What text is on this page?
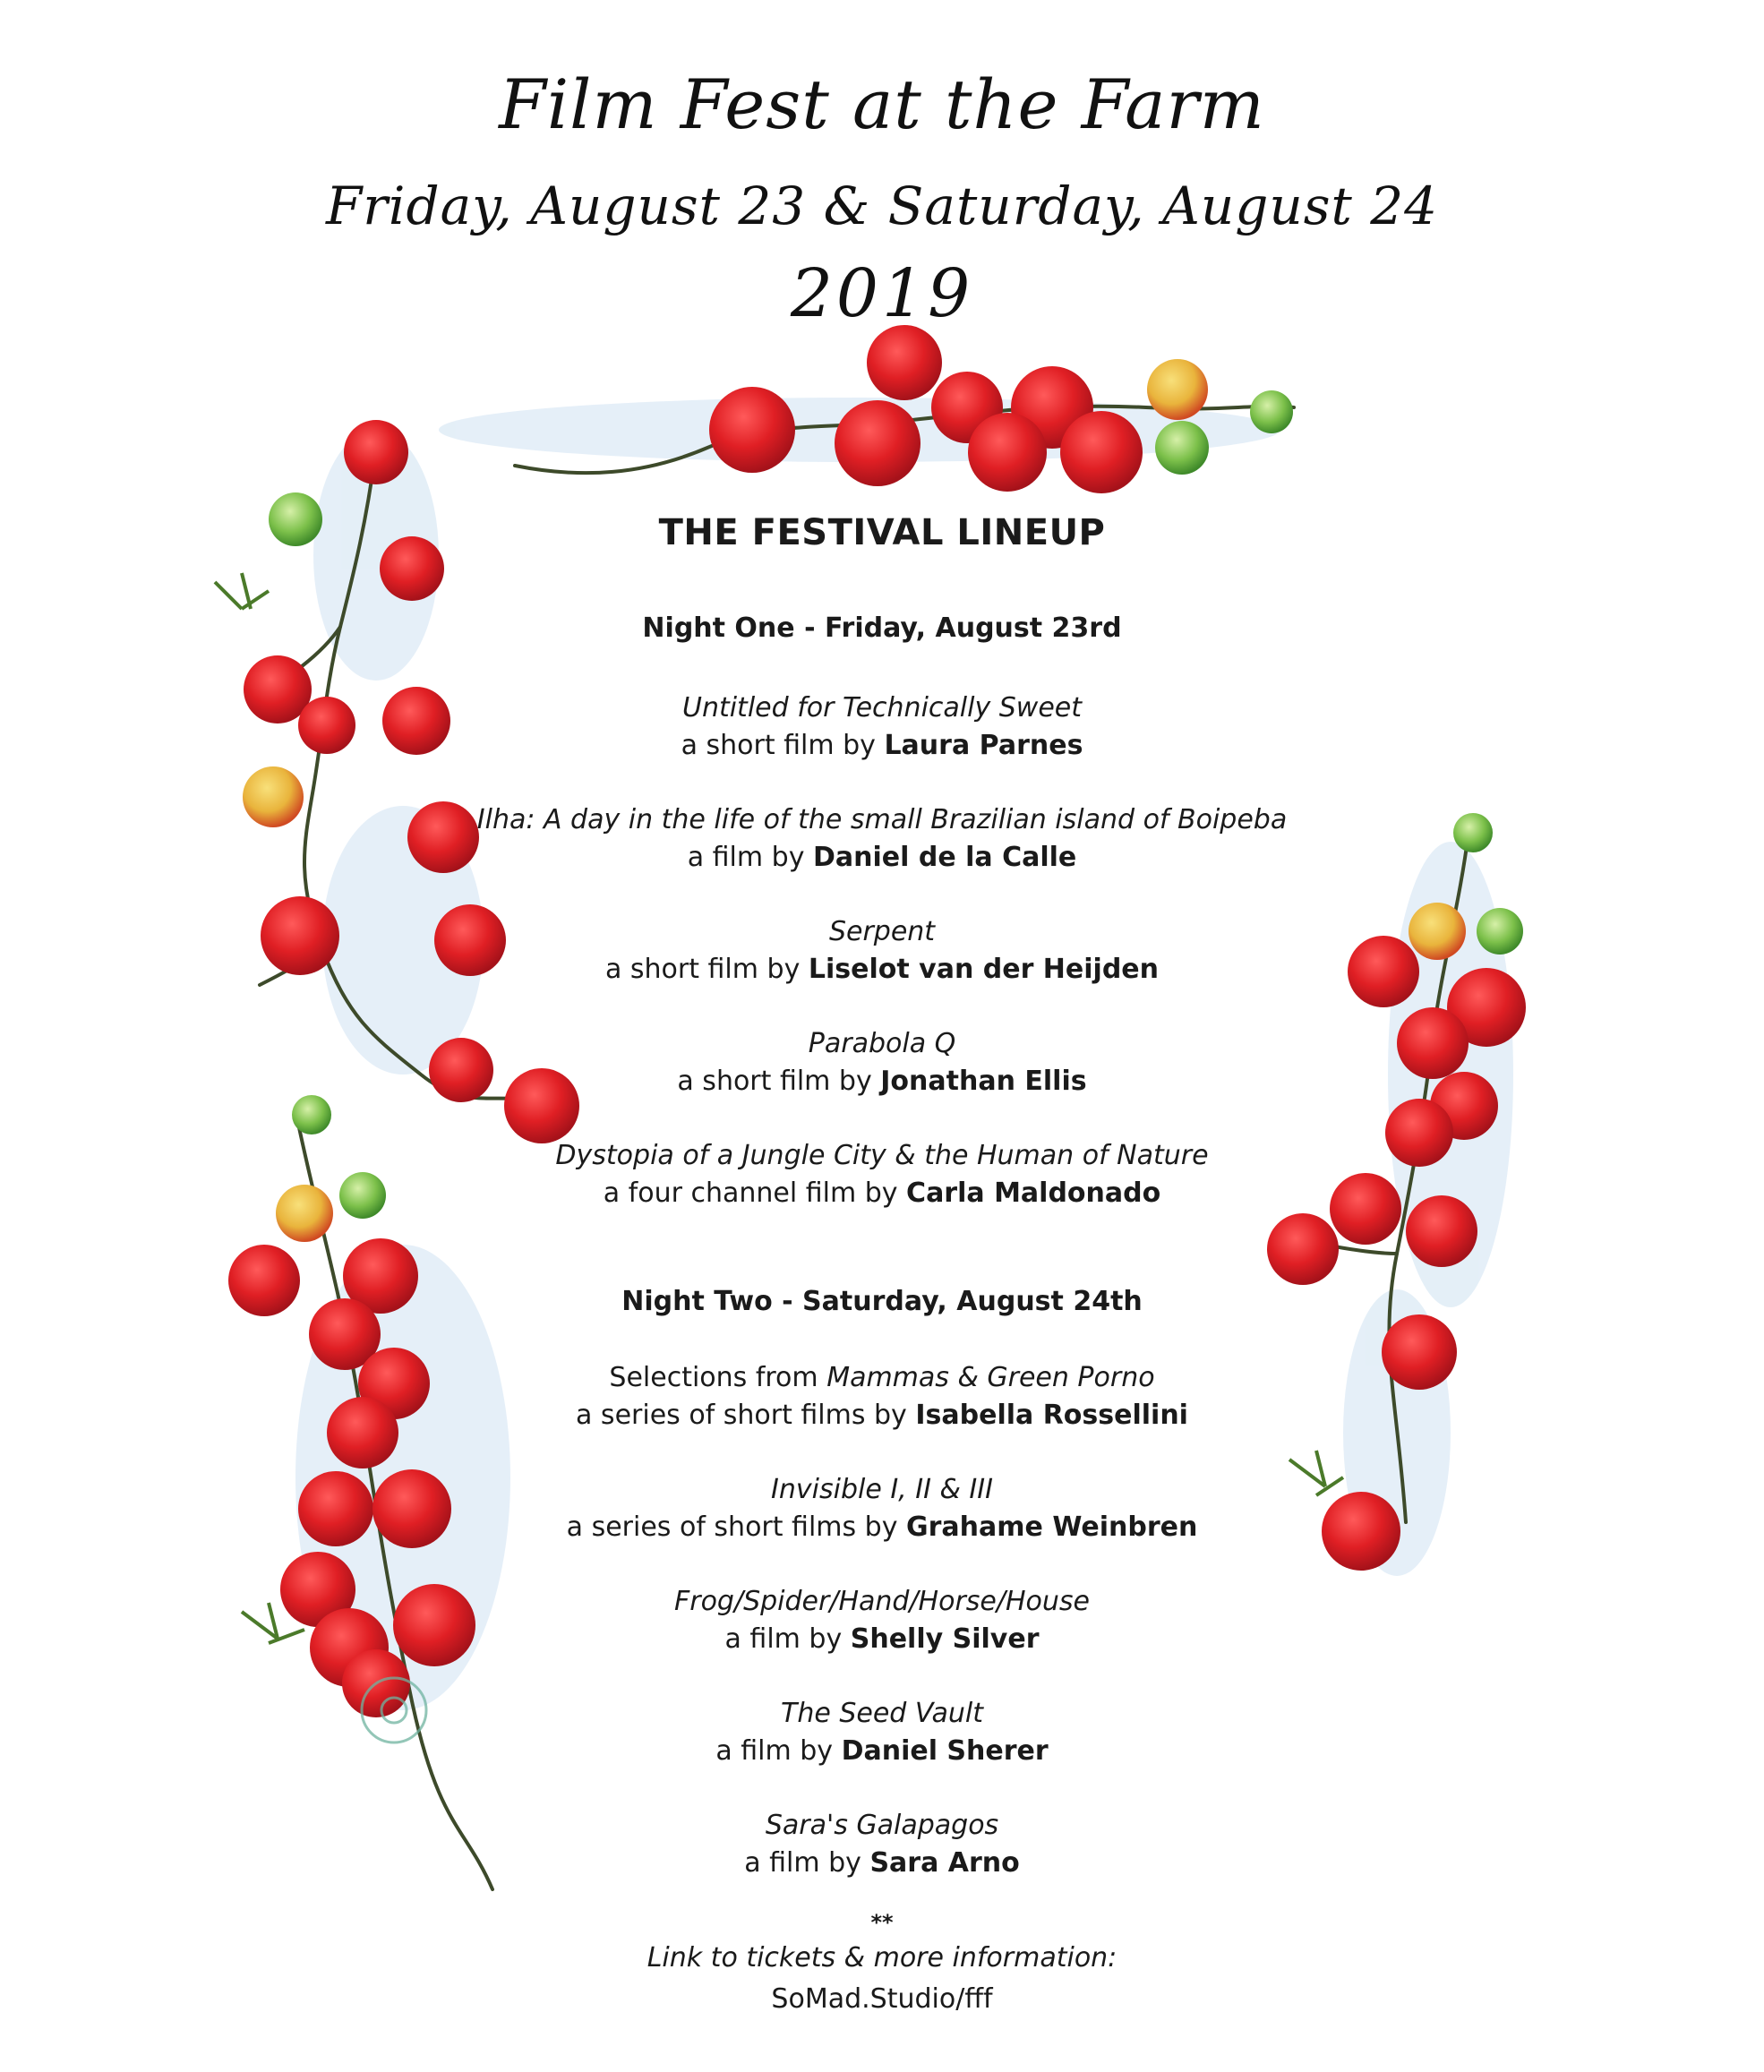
Film Fest at the Farm
Friday, August 23 & Saturday, August 24
2019
THE FESTIVAL LINEUP
Night One - Friday, August 23rd
Untitled for Technically Sweet
a short film by Laura Parnes
Ilha: A day in the life of the small Brazilian island of Boipeba
a film by Daniel de la Calle
Serpent
a short film by Liselot van der Heijden
Parabola Q
a short film by Jonathan Ellis
Dystopia of a Jungle City & the Human of Nature
a four channel film by Carla Maldonado
Night Two - Saturday, August 24th
Selections from Mammas & Green Porno
a series of short films by Isabella Rossellini
Invisible I, II & III
a series of short films by Grahame Weinbren
Frog/Spider/Hand/Horse/House
a film by Shelly Silver
The Seed Vault
a film by Daniel Sherer
Sara's Galapagos
a film by Sara Arno
**
Link to tickets & more information:
SoMad.Studio/fff
